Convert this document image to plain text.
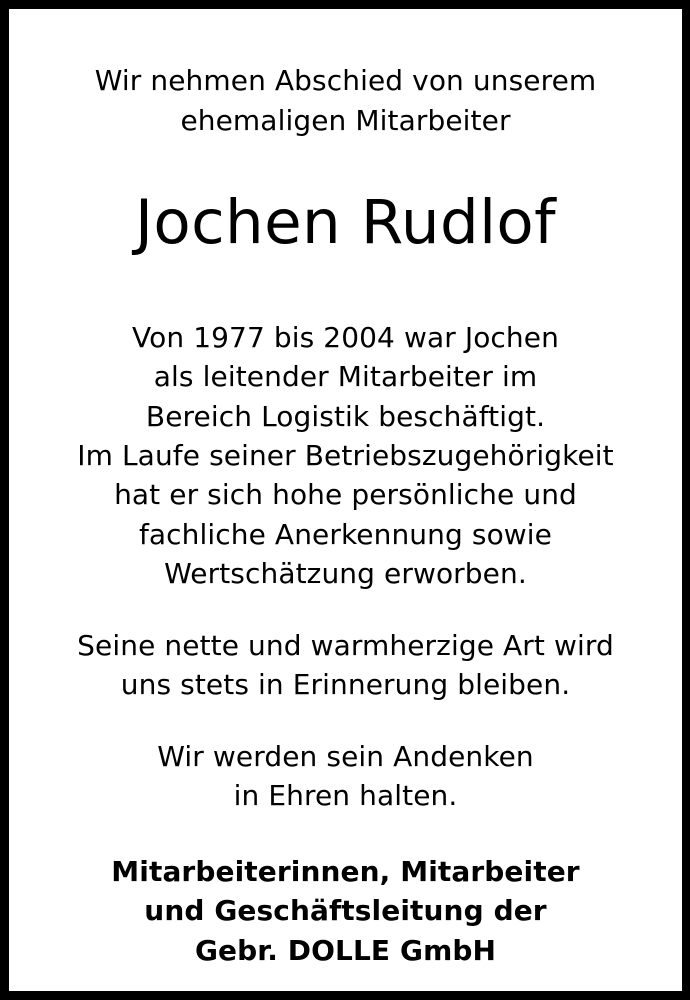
Wir nehmen Abschied von unserem
ehemaligen Mitarbeiter
Jochen Rudlof
Von 1977 bis 2004 war Jochen
als leitender Mitarbeiter im
Bereich Logistik beschäftigt.
Im Laufe seiner Betriebszugehörigkeit
hat er sich hohe persönliche und
fachliche Anerkennung sowie
Wertschätzung erworben.
Seine nette und warmherzige Art wird
uns stets in Erinnerung bleiben.
Wir werden sein Andenken
in Ehren halten.
Mitarbeiterinnen, Mitarbeiter
und Geschäftsleitung der
Gebr. DOLLE GmbH
